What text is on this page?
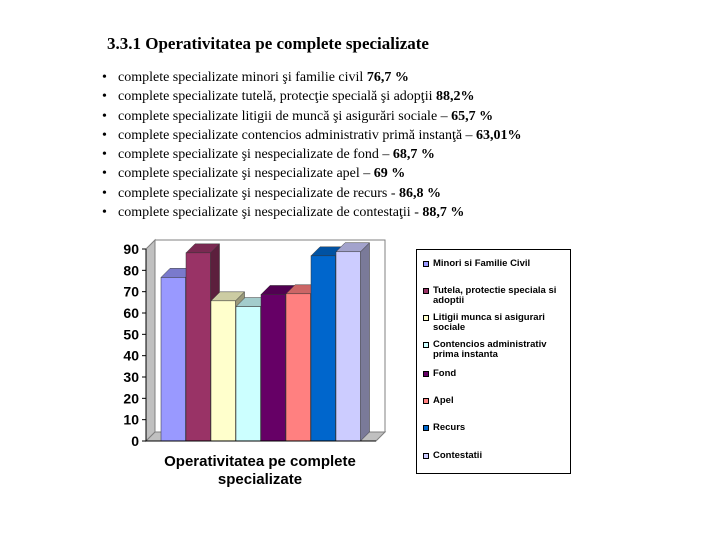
3.3.1 Operativitatea pe complete specializate
• complete specializate minori şi familie civil 76,7 %
• complete specializate tutelă, protecţie specială şi adopţii 88,2%
• complete specializate litigii de muncă şi asigurări sociale – 65,7 %
• complete specializate contencios administrativ primă instanţă – 63,01%
• complete specializate şi nespecializate de fond – 68,7 %
• complete specializate şi nespecializate apel – 69 %
• complete specializate şi nespecializate de recurs - 86,8 %
• complete specializate şi nespecializate de contestaţii - 88,7 %
0
10
20
30
40
50
60
70
80
90
Operativitatea pe complete
specializate
Minori si Familie Civil
Tutela, protectie speciala si adoptii
Litigii munca si asigurari sociale
Contencios administrativ prima instanta
Fond
Apel
Recurs
Contestatii
